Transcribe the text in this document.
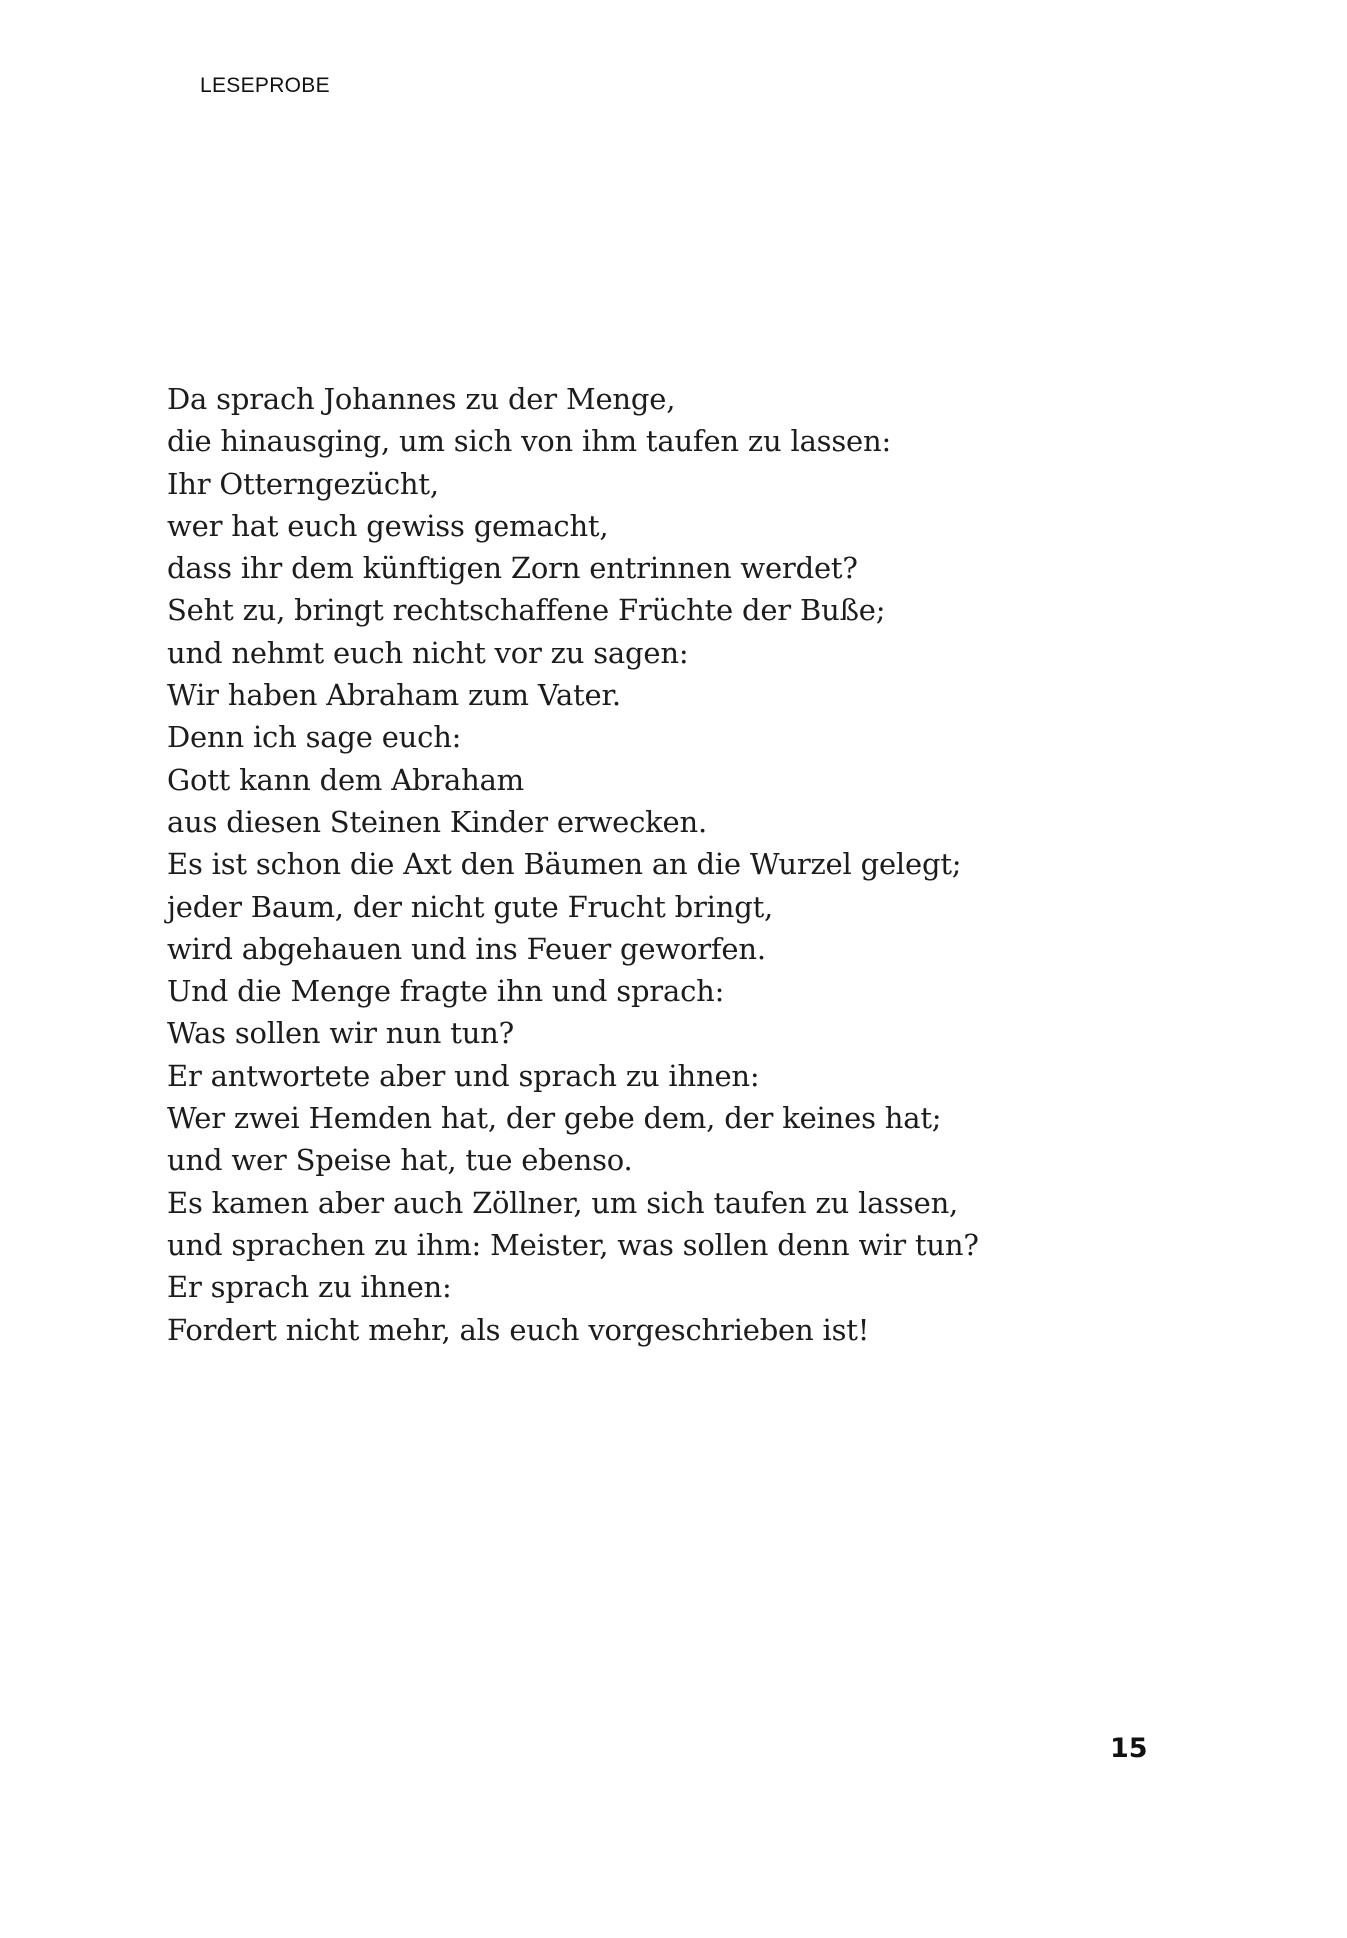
LESEPROBE
Da sprach Johannes zu der Menge,
die hinausging, um sich von ihm taufen zu lassen:
Ihr Otterngezücht,
wer hat euch gewiss gemacht,
dass ihr dem künftigen Zorn entrinnen werdet?
Seht zu, bringt rechtschaffene Früchte der Buße;
und nehmt euch nicht vor zu sagen:
Wir haben Abraham zum Vater.
Denn ich sage euch:
Gott kann dem Abraham
aus diesen Steinen Kinder erwecken.
Es ist schon die Axt den Bäumen an die Wurzel gelegt;
jeder Baum, der nicht gute Frucht bringt,
wird abgehauen und ins Feuer geworfen.
Und die Menge fragte ihn und sprach:
Was sollen wir nun tun?
Er antwortete aber und sprach zu ihnen:
Wer zwei Hemden hat, der gebe dem, der keines hat;
und wer Speise hat, tue ebenso.
Es kamen aber auch Zöllner, um sich taufen zu lassen,
und sprachen zu ihm: Meister, was sollen denn wir tun?
Er sprach zu ihnen:
Fordert nicht mehr, als euch vorgeschrieben ist!
15
